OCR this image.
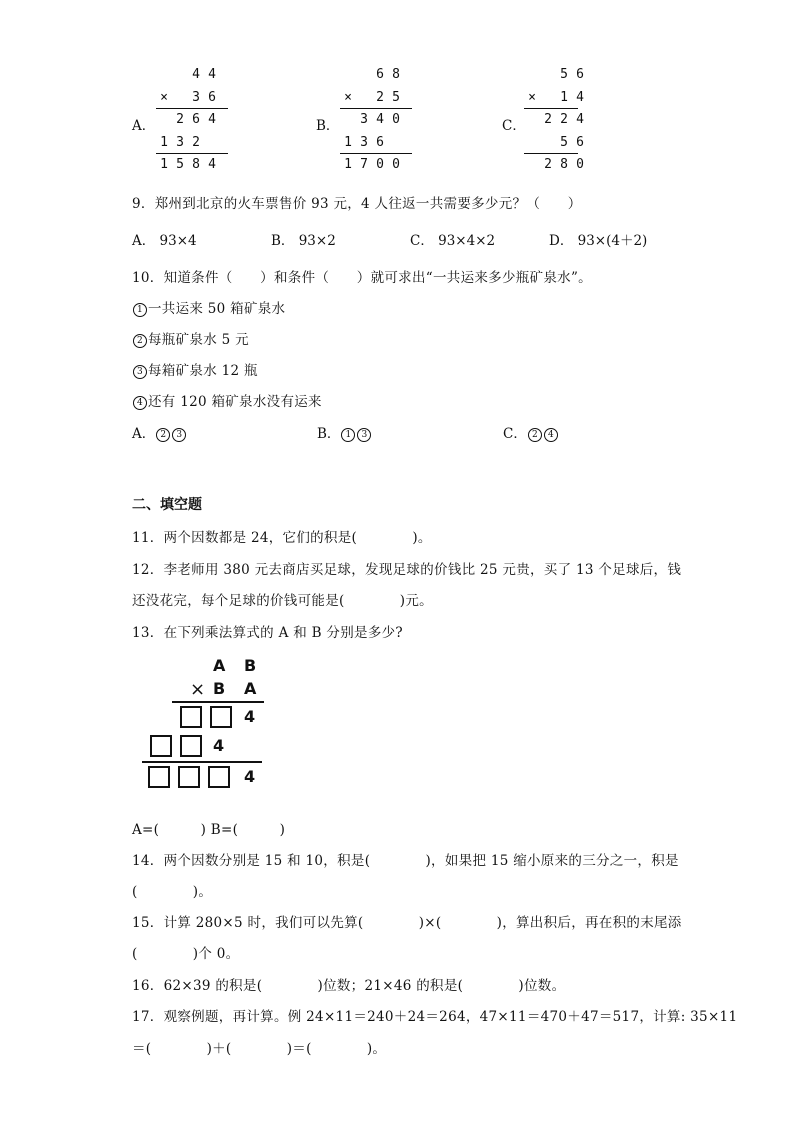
A．
4 4
×	3 6
2 6 4
1 3 2
1 5 8 4
B．
6 8
×	2 5
3 4 0
1 3 6
1 7 0 0
C．
5 6
×	1 4
2 2 4
5 6
2 8 0
9．郑州到北京的火车票售价 93 元，4 人往返一共需要多少元？（　　）
A． 93×4	B． 93×2	C． 93×4×2	D． 93×(4＋2)
10．知道条件（　　）和条件（　　）就可求出“一共运来多少瓶矿泉水”。
1 一共运来 50 箱矿泉水
2 每瓶矿泉水 5 元
3 每箱矿泉水 12 瓶
4 还有 120 箱矿泉水没有运来
A． 2 3	B． 1 3	C． 2 4
二、填空题
11．两个因数都是 24，它们的积是(　　　　)。
12．李老师用 380 元去商店买足球，发现足球的价钱比 25 元贵，买了 13 个足球后，钱
还没花完，每个足球的价钱可能是(　　　　)元。
13．在下列乘法算式的 A 和 B 分别是多少?
A B
× B A
4
4
4
A=(　　　) B=(　　　)
14．两个因数分别是 15 和 10，积是(　　　　)，如果把 15 缩小原来的三分之一，积是
(　　　　)。
15．计算 280×5 时，我们可以先算(　　　　)×(　　　　)，算出积后，再在积的末尾添
(　　　　)个 0。
16．62×39 的积是(　　　　)位数；21×46 的积是(　　　　)位数。
17．观察例题，再计算。例 24×11＝240＋24＝264，47×11＝470＋47＝517，计算: 35×11
＝(　　　　)＋(　　　　)＝(　　　　)。
